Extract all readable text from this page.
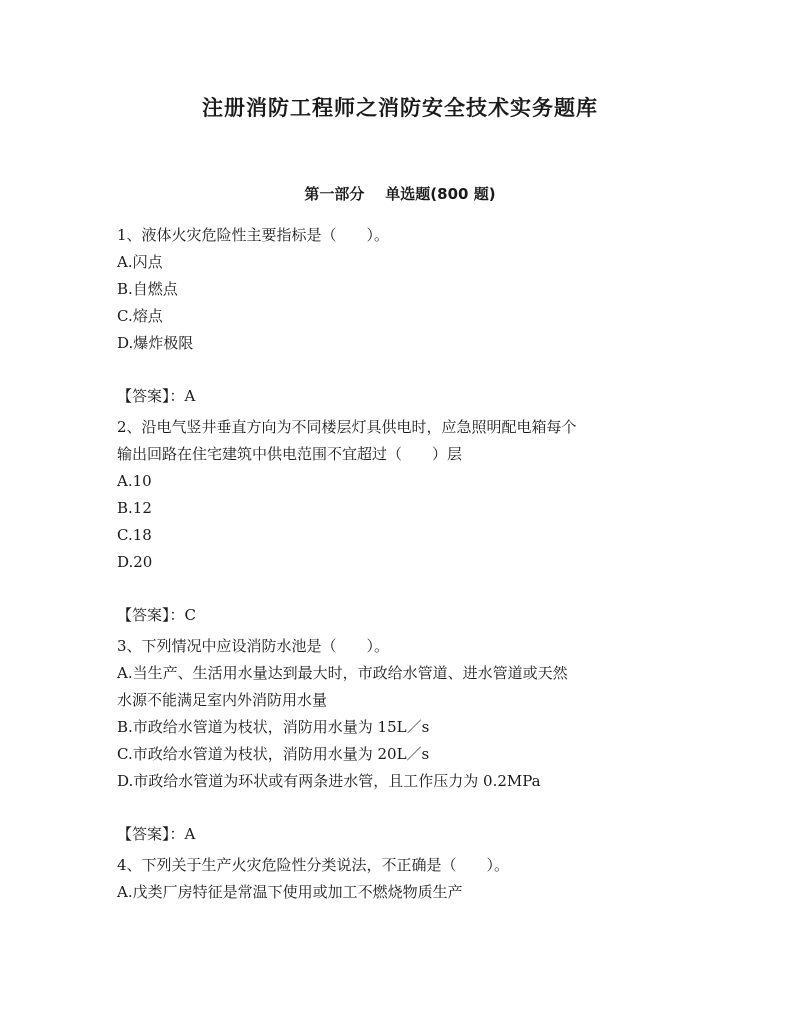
注册消防工程师之消防安全技术实务题库
第一部分    单选题(800 题)
1、液体火灾危险性主要指标是（　　）。
A.闪点
B.自燃点
C.熔点
D.爆炸极限
【答案】：A
2、沿电气竖井垂直方向为不同楼层灯具供电时，应急照明配电箱每个
输出回路在住宅建筑中供电范围不宜超过（　　）层
A.10
B.12
C.18
D.20
【答案】：C
3、下列情况中应设消防水池是（　　）。
A.当生产、生活用水量达到最大时，市政给水管道、进水管道或天然
水源不能满足室内外消防用水量
B.市政给水管道为枝状，消防用水量为 15L／s
C.市政给水管道为枝状，消防用水量为 20L／s
D.市政给水管道为环状或有两条进水管，且工作压力为 0.2MPa
【答案】：A
4、下列关于生产火灾危险性分类说法，不正确是（　　）。
A.戊类厂房特征是常温下使用或加工不燃烧物质生产
